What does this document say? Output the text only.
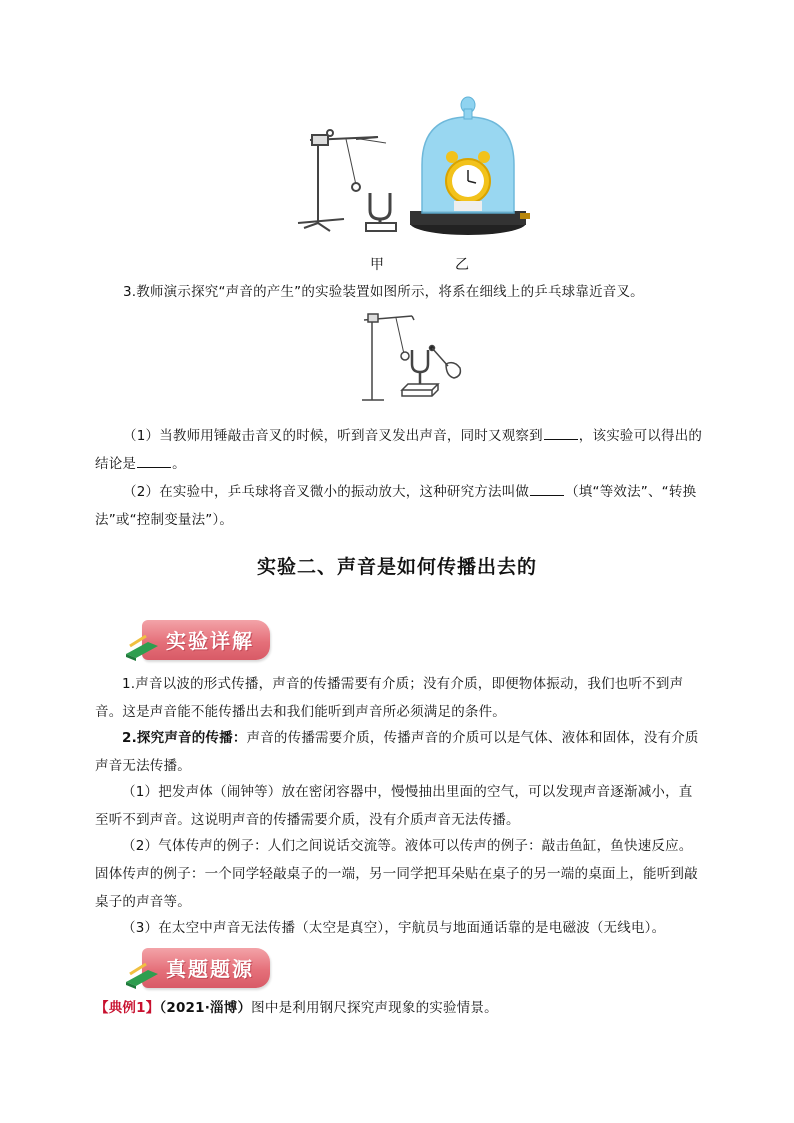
甲	乙
3.教师演示探究“声音的产生”的实验装置如图所示，将系在细线上的乒乓球靠近音叉。
（1）当教师用锤敲击音叉的时候，听到音叉发出声音，同时又观察到	，该实验可以得出的结论是	。
（2）在实验中，乒乓球将音叉微小的振动放大，这种研究方法叫做	（填“等效法”、“转换法”或“控制变量法”）。
实验二、声音是如何传播出去的
实验详解
1.声音以波的形式传播，声音的传播需要有介质；没有介质，即便物体振动，我们也听不到声音。这是声音能不能传播出去和我们能听到声音所必须满足的条件。
2.探究声音的传播：声音的传播需要介质，传播声音的介质可以是气体、液体和固体，没有介质声音无法传播。
（1）把发声体（闹钟等）放在密闭容器中，慢慢抽出里面的空气，可以发现声音逐渐减小，直至听不到声音。这说明声音的传播需要介质，没有介质声音无法传播。
（2）气体传声的例子：人们之间说话交流等。液体可以传声的例子：敲击鱼缸，鱼快速反应。固体传声的例子：一个同学轻敲桌子的一端，另一同学把耳朵贴在桌子的另一端的桌面上，能听到敲桌子的声音等。
（3）在太空中声音无法传播（太空是真空），宇航员与地面通话靠的是电磁波（无线电）。
真题题源
【典例1】（2021·淄博）图中是利用钢尺探究声现象的实验情景。
